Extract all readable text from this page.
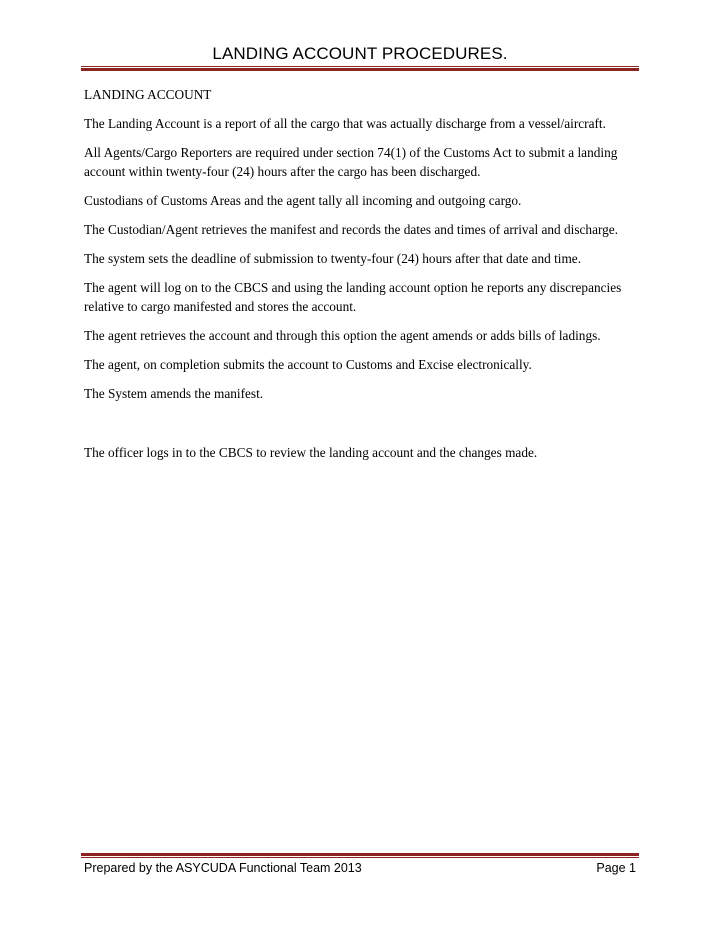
LANDING ACCOUNT PROCEDURES.

LANDING ACCOUNT

The Landing Account is a report of all the cargo that was actually discharge from a vessel/aircraft.

All Agents/Cargo Reporters are required under section 74(1) of the Customs Act to submit a landing account within twenty-four (24) hours after the cargo has been discharged.

Custodians of Customs Areas and the agent tally all incoming and outgoing cargo.

The Custodian/Agent retrieves the manifest and records the dates and times of arrival and discharge.

The system sets the deadline of submission to twenty-four (24) hours after that date and time.

The agent will log on to the CBCS and using the landing account option he reports any discrepancies relative to cargo manifested and stores the account.

The agent retrieves the account and through this option the agent amends or adds bills of ladings.

The agent, on completion submits the account to Customs and Excise electronically.

The System amends the manifest.

The officer logs in to the CBCS to review the landing account and the changes made.

Prepared by the ASYCUDA Functional Team 2013	Page 1
